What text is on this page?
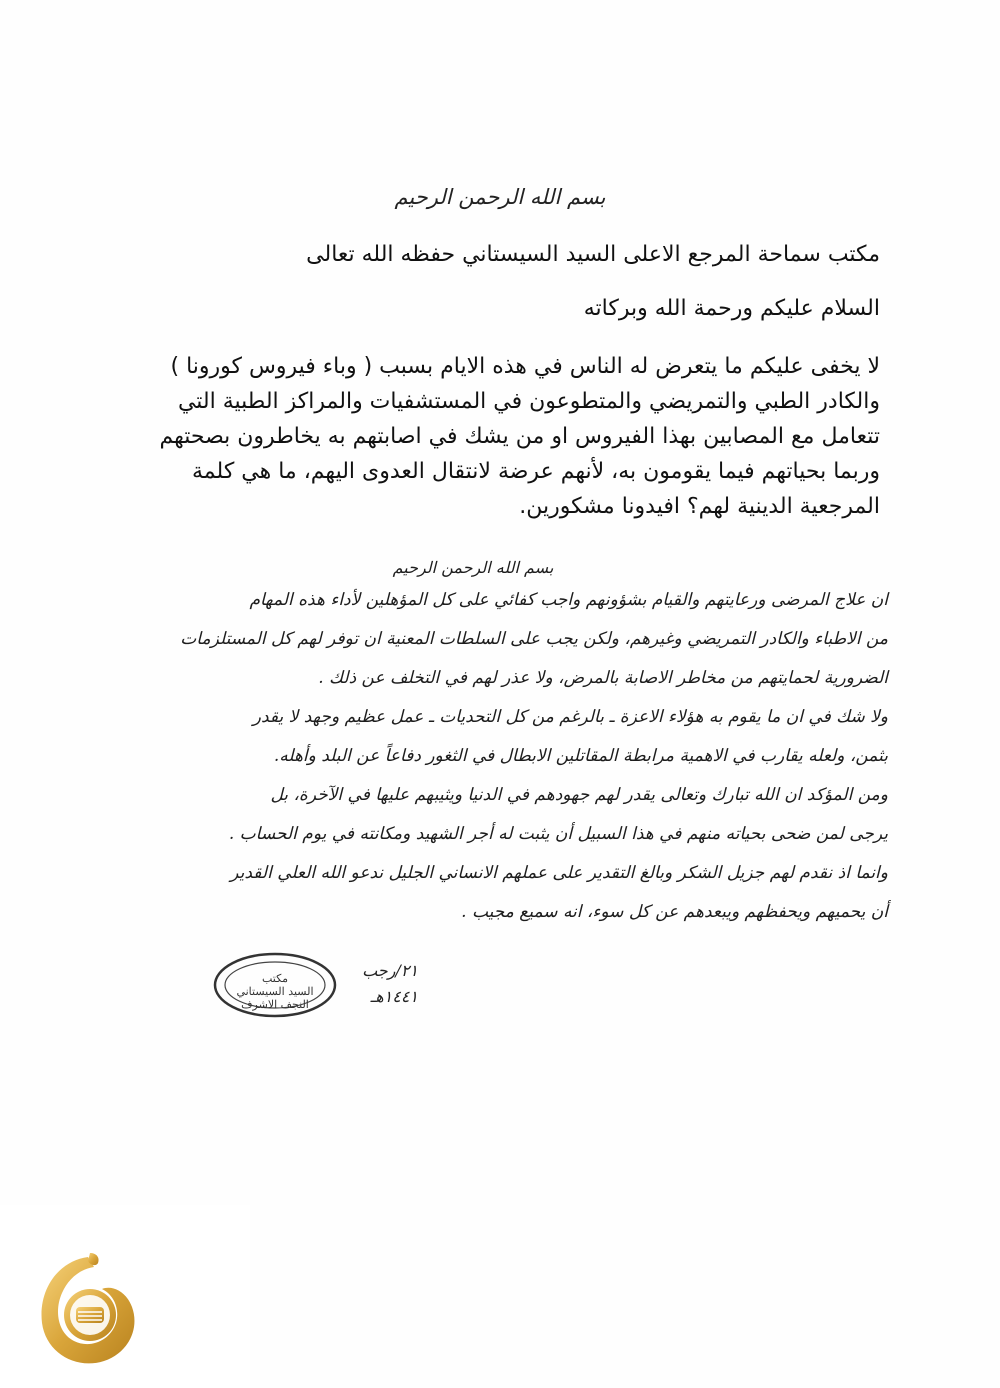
بسم الله الرحمن الرحيم
مكتب سماحة المرجع الاعلى السيد السيستاني حفظه الله تعالى
السلام عليكم ورحمة الله وبركاته
لا يخفى عليكم ما يتعرض له الناس في هذه الايام بسبب ( وباء فيروس كورونا )
والكادر الطبي والتمريضي والمتطوعون في المستشفيات والمراكز الطبية التي
تتعامل مع المصابين بهذا الفيروس او من يشك في اصابتهم به يخاطرون بصحتهم
وربما بحياتهم فيما يقومون به، لأنهم عرضة لانتقال العدوى اليهم، ما هي كلمة
المرجعية الدينية لهم؟ افيدونا مشكورين.
بسم الله الرحمن الرحيم
ان علاج المرضى ورعايتهم والقيام بشؤونهم واجب كفائي على كل المؤهلين لأداء هذه المهام
من الاطباء والكادر التمريضي وغيرهم، ولكن يجب على السلطات المعنية ان توفر لهم كل المستلزمات
الضرورية لحمايتهم من مخاطر الاصابة بالمرض، ولا عذر لهم في التخلف عن ذلك .
ولا شك في ان ما يقوم به هؤلاء الاعزة ـ بالرغم من كل التحديات ـ عمل عظيم وجهد لا يقدر
بثمن، ولعله يقارب في الاهمية مرابطة المقاتلين الابطال في الثغور دفاعاً عن البلد وأهله.
ومن المؤكد ان الله تبارك وتعالى يقدر لهم جهودهم في الدنيا ويثيبهم عليها في الآخرة، بل
يرجى لمن ضحى بحياته منهم في هذا السبيل أن يثبت له أجر الشهيد ومكانته في يوم الحساب .
وانما اذ نقدم لهم جزيل الشكر وبالغ التقدير على عملهم الانساني الجليل ندعو الله العلي القدير
أن يحميهم ويحفظهم ويبعدهم عن كل سوء، انه سميع مجيب .
مكتب
السيد السيستاني
النجف الاشرف
٢١/رجب
١٤٤١هـ
